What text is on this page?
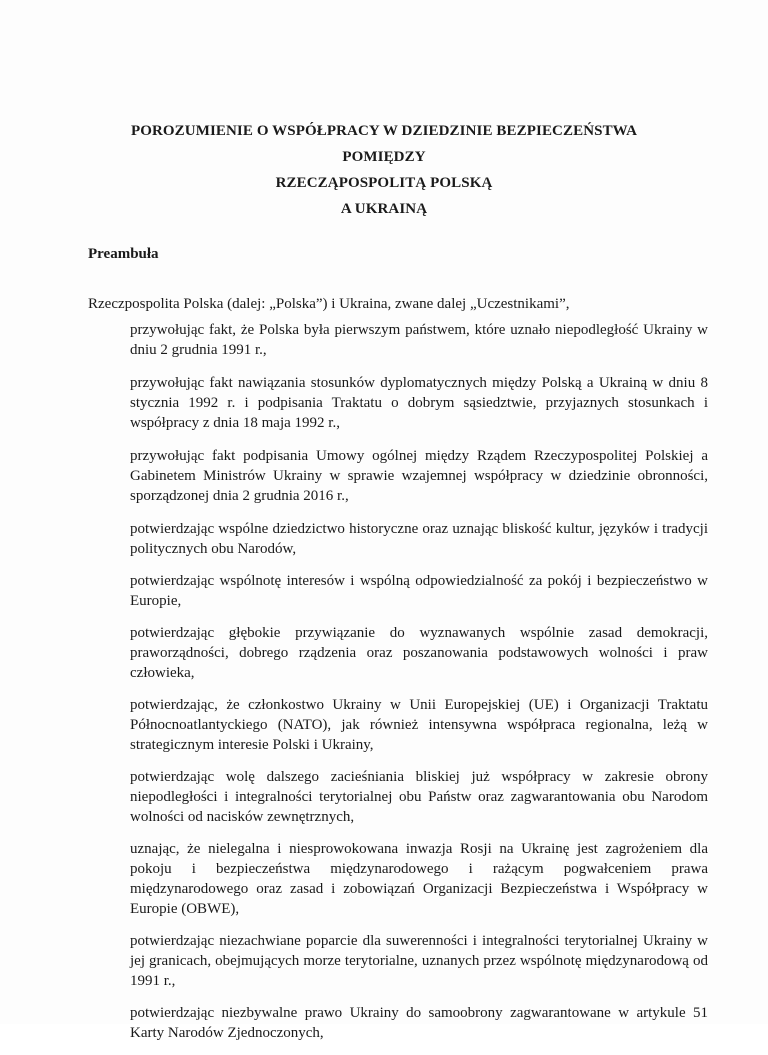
POROZUMIENIE O WSPÓŁPRACY W DZIEDZINIE BEZPIECZEŃSTWA
POMIĘDZY
RZECZĄPOSPOLITĄ POLSKĄ
A UKRAINĄ
Preambuła

Rzeczpospolita Polska (dalej: „Polska”) i Ukraina, zwane dalej „Uczestnikami”,

przywołując fakt, że Polska była pierwszym państwem, które uznało niepodległość Ukrainy w dniu 2 grudnia 1991 r.,
przywołując fakt nawiązania stosunków dyplomatycznych między Polską a Ukrainą w dniu 8 stycznia 1992 r. i podpisania Traktatu o dobrym sąsiedztwie, przyjaznych stosunkach i współpracy z dnia 18 maja 1992 r.,
przywołując fakt podpisania Umowy ogólnej między Rządem Rzeczypospolitej Polskiej a Gabinetem Ministrów Ukrainy w sprawie wzajemnej współpracy w dziedzinie obronności, sporządzonej dnia 2 grudnia 2016 r.,
potwierdzając wspólne dziedzictwo historyczne oraz uznając bliskość kultur, języków i tradycji politycznych obu Narodów,
potwierdzając wspólnotę interesów i wspólną odpowiedzialność za pokój i bezpieczeństwo w Europie,
potwierdzając głębokie przywiązanie do wyznawanych wspólnie zasad demokracji, praworządności, dobrego rządzenia oraz poszanowania podstawowych wolności i praw człowieka,
potwierdzając, że członkostwo Ukrainy w Unii Europejskiej (UE) i Organizacji Traktatu Północnoatlantyckiego (NATO), jak również intensywna współpraca regionalna, leżą w strategicznym interesie Polski i Ukrainy,
potwierdzając wolę dalszego zacieśniania bliskiej już współpracy w zakresie obrony niepodległości i integralności terytorialnej obu Państw oraz zagwarantowania obu Narodom wolności od nacisków zewnętrznych,
uznając, że nielegalna i niesprowokowana inwazja Rosji na Ukrainę jest zagrożeniem dla pokoju i bezpieczeństwa międzynarodowego i rażącym pogwałceniem prawa międzynarodowego oraz zasad i zobowiązań Organizacji Bezpieczeństwa i Współpracy w Europie (OBWE),
potwierdzając niezachwiane poparcie dla suwerenności i integralności terytorialnej Ukrainy w jej granicach, obejmujących morze terytorialne, uznanych przez wspólnotę międzynarodową od 1991 r.,
potwierdzając niezbywalne prawo Ukrainy do samoobrony zagwarantowane w artykule 51 Karty Narodów Zjednoczonych,
